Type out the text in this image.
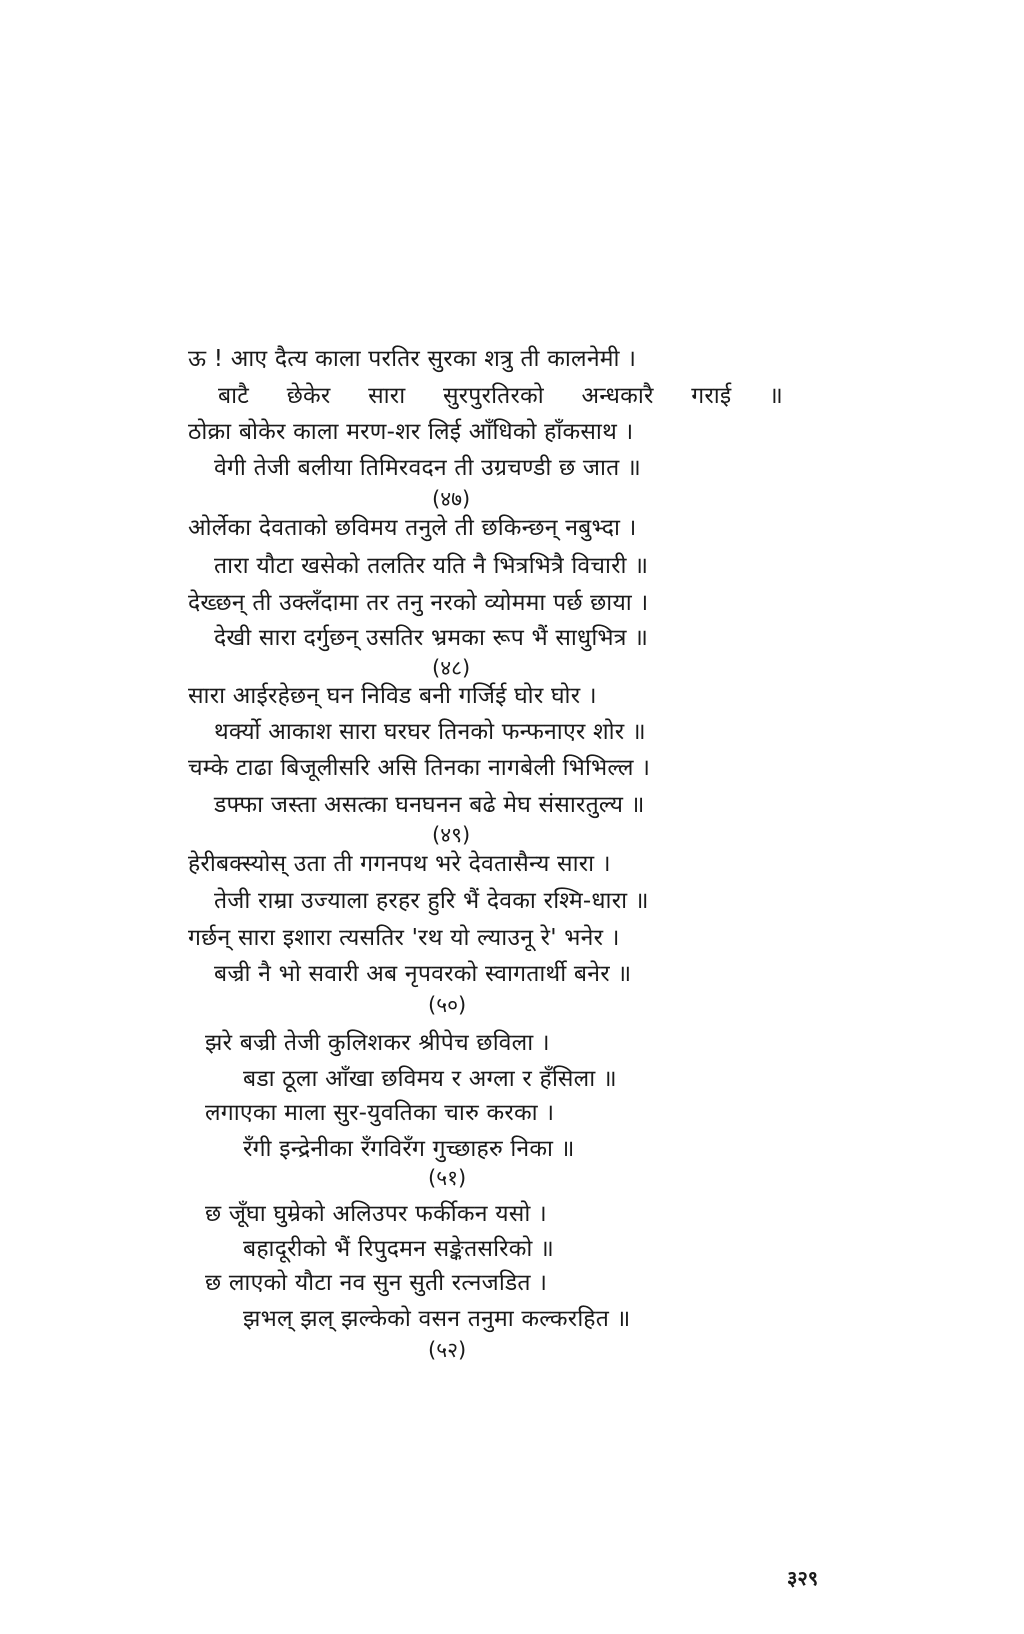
ऊ ! आए दैत्य काला परतिर सुरका शत्रु ती कालनेमी ।
बाटै छेकेर सारा सुरपुरतिरको अन्धकारै गराई ॥
ठोक्रा बोकेर काला मरण-शर लिई आँधिको हाँकसाथ ।
वेगी तेजी बलीया तिमिरवदन ती उग्रचण्डी छ जात ॥
(४७)
ओर्लेका देवताको छविमय तनुले ती छकिन्छन् नबुभ्दा ।
तारा यौटा खसेको तलतिर यति नै भित्रभित्रै विचारी ॥
देख्छन् ती उक्लँदामा तर तनु नरको व्योममा पर्छ छाया ।
देखी सारा दर्गुछन् उसतिर भ्रमका रूप भैं साधुभित्र ॥
(४८)
सारा आईरहेछन् घन निविड बनी गर्जिई घोर घोर ।
थर्क्यो आकाश सारा घरघर तिनको फन्फनाएर शोर ॥
चम्के टाढा बिजूलीसरि असि तिनका नागबेली भिभिल्ल ।
डफ्फा जस्ता असत्का घनघनन बढे मेघ संसारतुल्य ॥
(४९)
हेरीबक्स्योस् उता ती गगनपथ भरे देवतासैन्य सारा ।
तेजी राम्रा उज्याला हरहर हुरि भैं देवका रश्मि-धारा ॥
गर्छन् सारा इशारा त्यसतिर 'रथ यो ल्याउनू रे' भनेर ।
बज्री नै भो सवारी अब नृपवरको स्वागतार्थी बनेर ॥
(५०)
झरे बज्री तेजी कुलिशकर श्रीपेच छविला ।
बडा ठूला आँखा छविमय र अग्ला र हँसिला ॥
लगाएका माला सुर-युवतिका चारु करका ।
रँगी इन्द्रेनीका रँगविरँग गुच्छाहरु निका ॥
(५१)
छ जूँघा घुम्रेको अलिउपर फर्कीकन यसो ।
बहादूरीको भैं रिपुदमन सङ्केतसरिको ॥
छ लाएको यौटा नव सुन सुती रत्नजडित ।
झभल् झल् झल्केको वसन तनुमा कल्करहित ॥
(५२)
३२९
